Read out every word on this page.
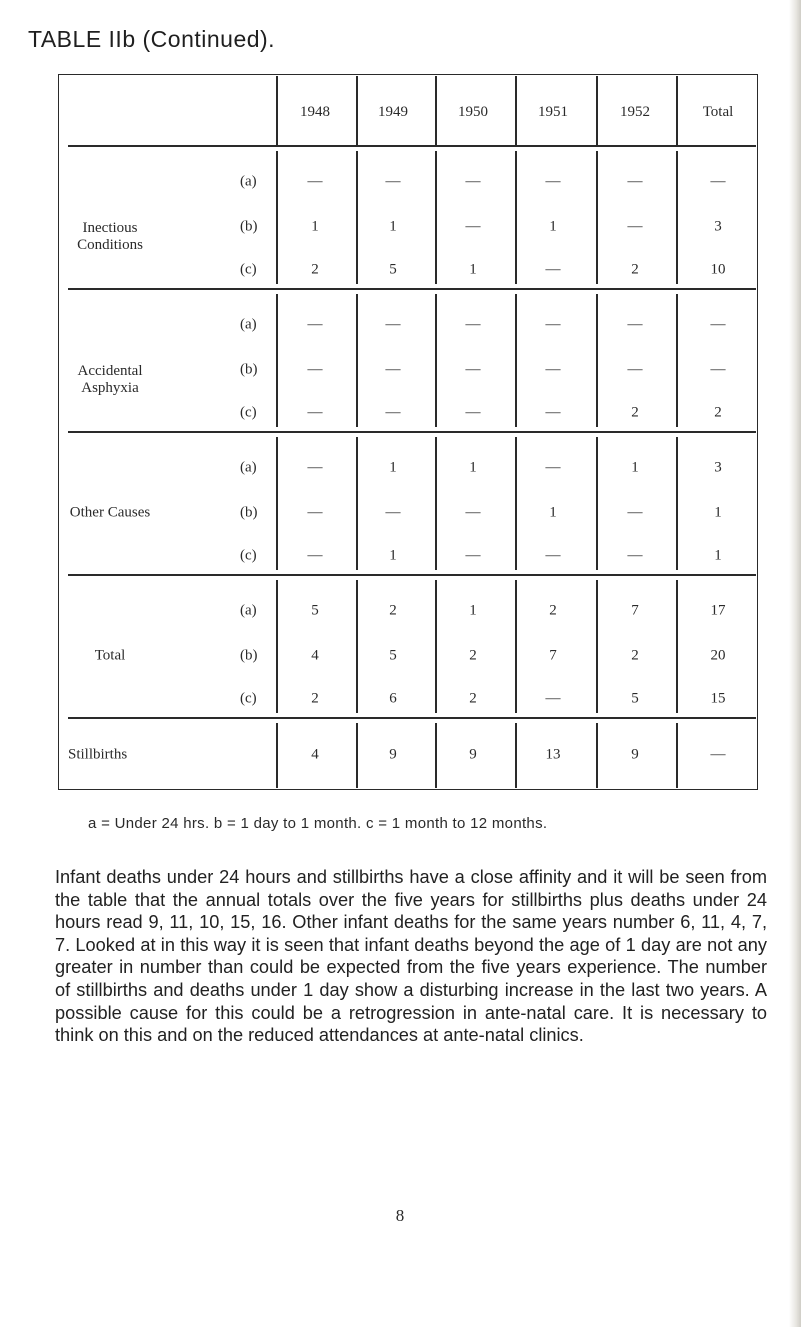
TABLE IIb (Continued).
1948	1949	1950	1951	1952	Total
Inectious
Conditions
(a)	—	—	—	—	—	—
(b)	1	1	—	1	—	3
(c)	2	5	1	—	2	10
Accidental
Asphyxia
(a)	—	—	—	—	—	—
(b)	—	—	—	—	—	—
(c)	—	—	—	—	2	2
Other Causes
(a)	—	1	1	—	1	3
(b)	—	—	—	1	—	1
(c)	—	1	—	—	—	1
Total
(a)	5	2	1	2	7	17
(b)	4	5	2	7	2	20
(c)	2	6	2	—	5	15
Stillbirths	4	9	9	13	9	—
a = Under 24 hrs. b = 1 day to 1 month. c = 1 month to 12 months.

Infant deaths under 24 hours and stillbirths have a close affinity and it will be seen from the table that the annual totals over the five years for stillbirths plus deaths under 24 hours read 9, 11, 10, 15, 16. Other infant deaths for the same years number 6, 11, 4, 7, 7. Looked at in this way it is seen that infant deaths beyond the age of 1 day are not any greater in number than could be expected from the five years experience. The number of stillbirths and deaths under 1 day show a disturbing increase in the last two years. A possible cause for this could be a retrogression in ante-natal care. It is necessary to think on this and on the reduced attendances at ante-natal clinics.

8
